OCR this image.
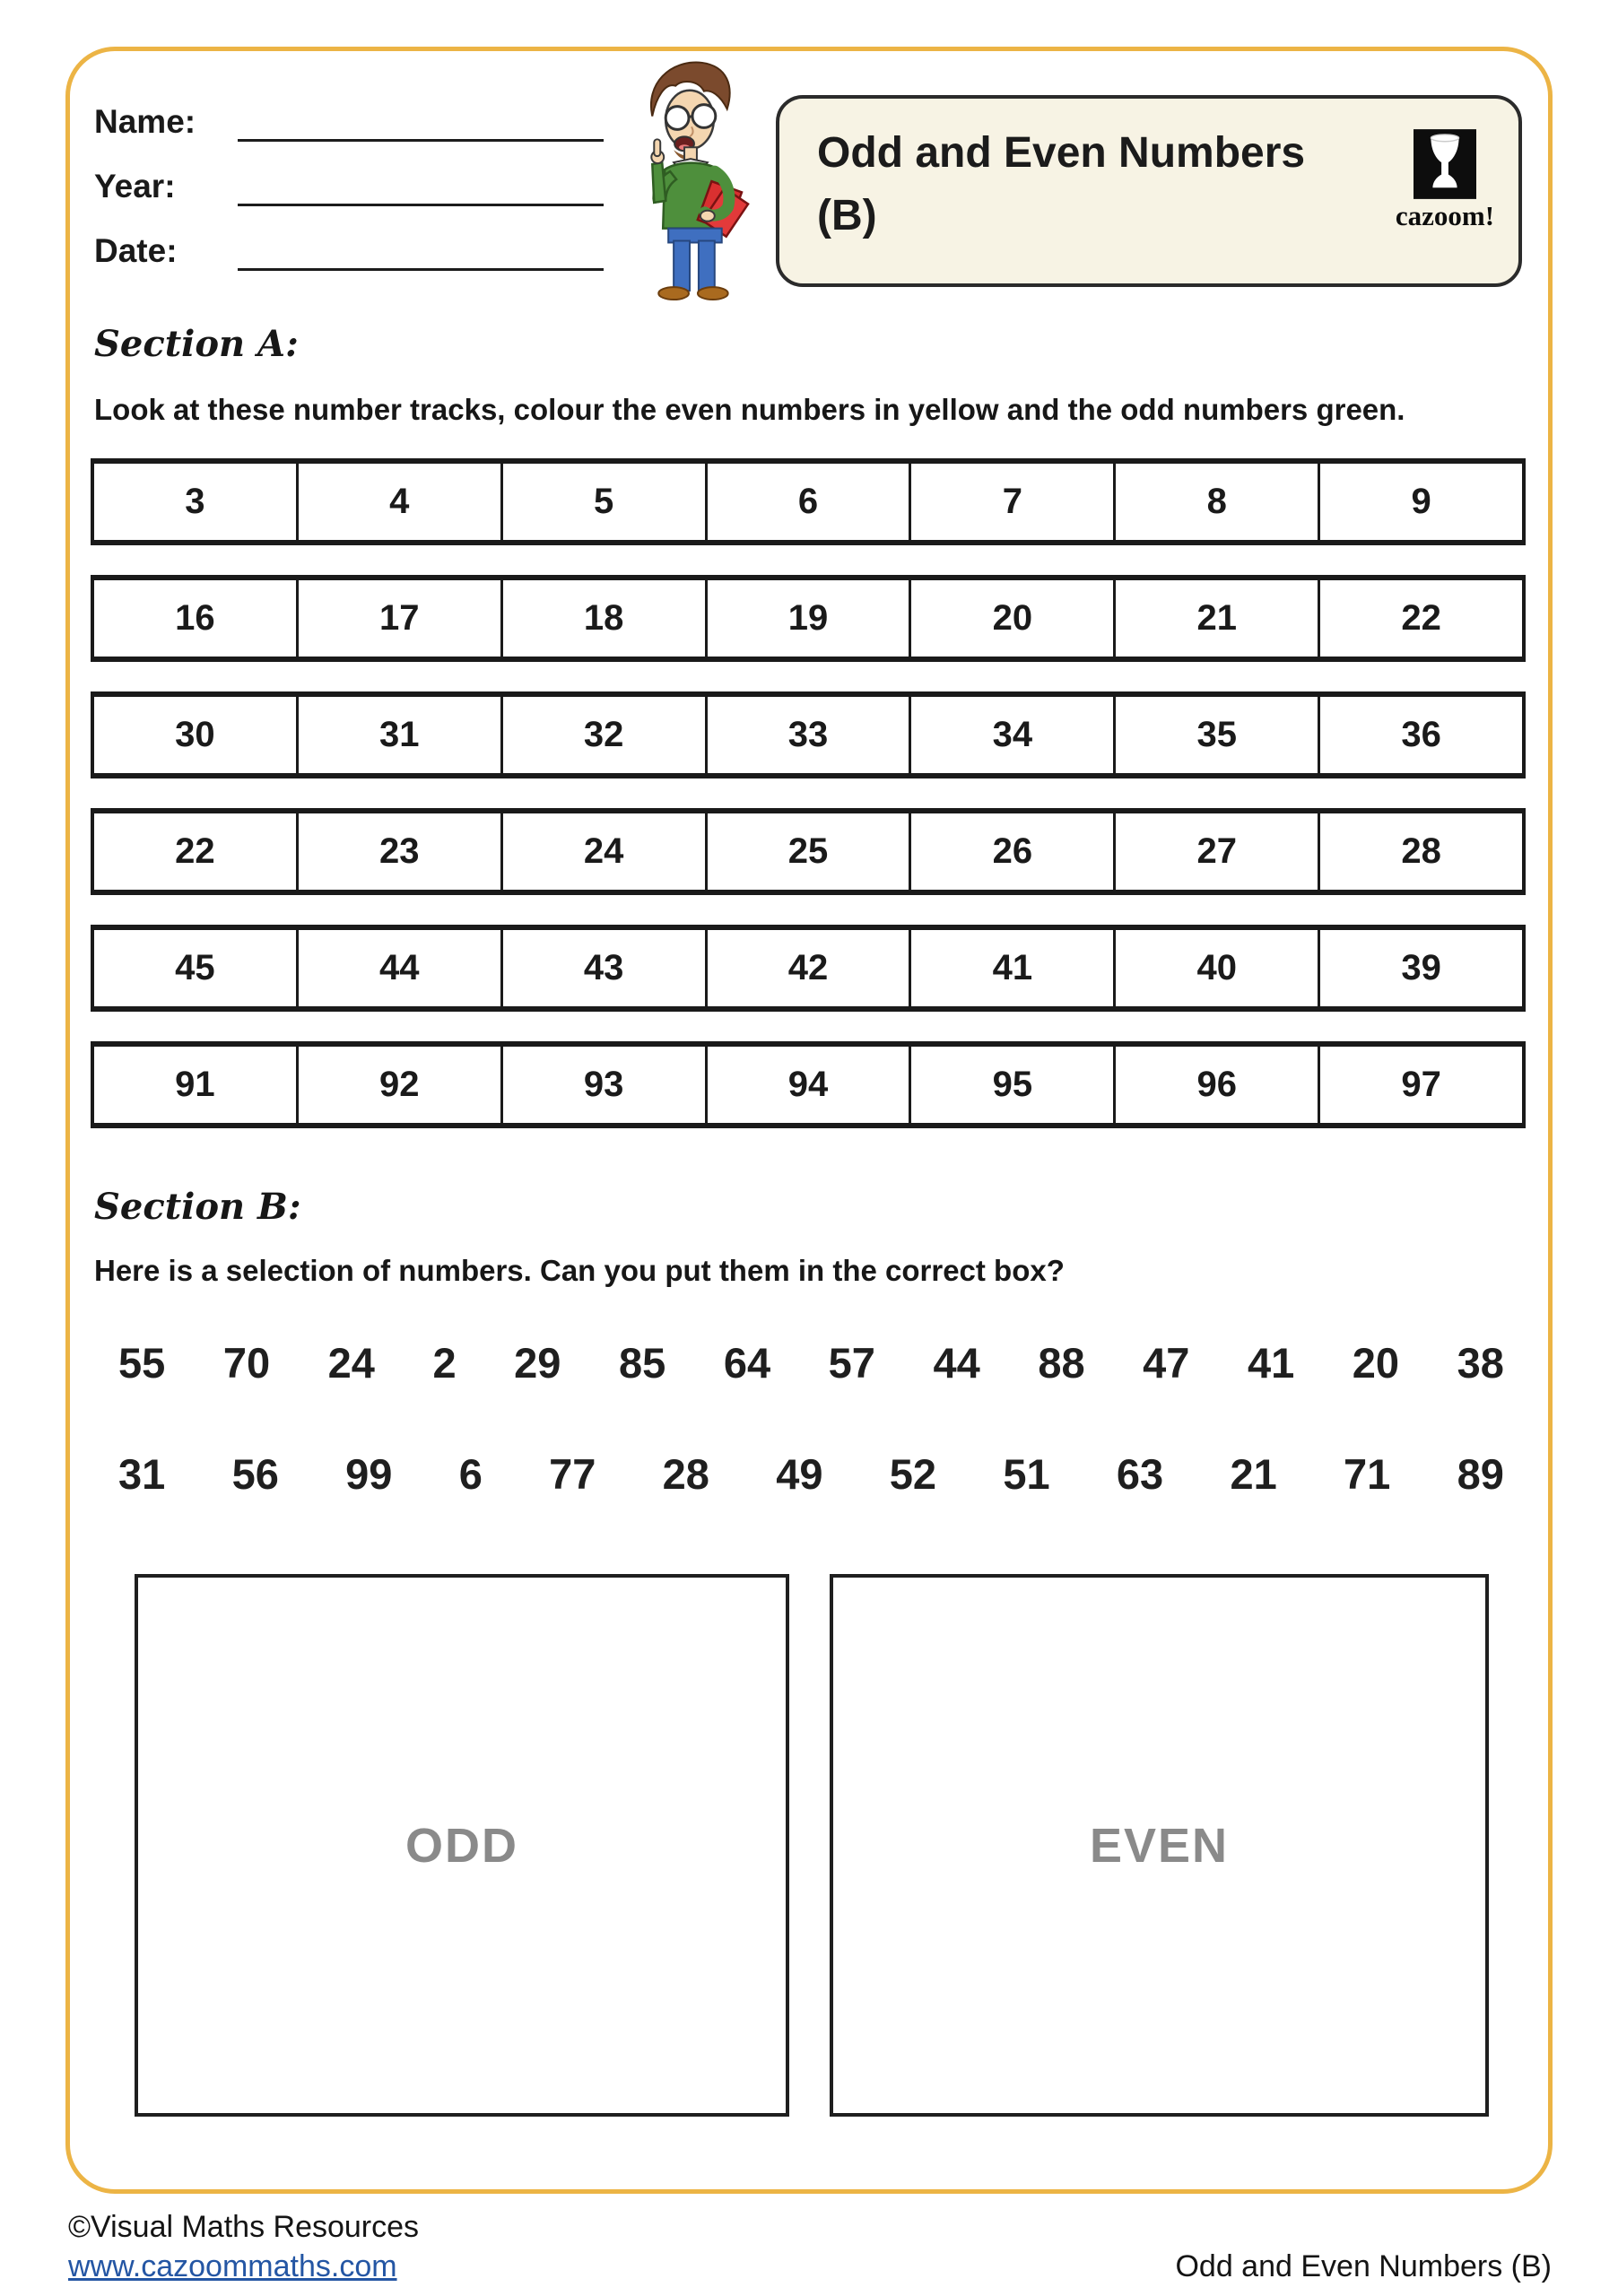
Name:
Year:
Date:
Odd and Even Numbers
(B)	cazoom!
Section A:
Look at these number tracks, colour the even numbers in yellow and the odd numbers green.
3	4	5	6	7	8	9
16	17	18	19	20	21	22
30	31	32	33	34	35	36
22	23	24	25	26	27	28
45	44	43	42	41	40	39
91	92	93	94	95	96	97
Section B:
Here is a selection of numbers. Can you put them in the correct box?
55 70 24 2 29 85 64 57 44 88 47 41 20 38
31 56 99 6 77 28 49 52 51 63 21 71 89
ODD	EVEN
©Visual Maths Resources
www.cazoommaths.com	Odd and Even Numbers (B)
